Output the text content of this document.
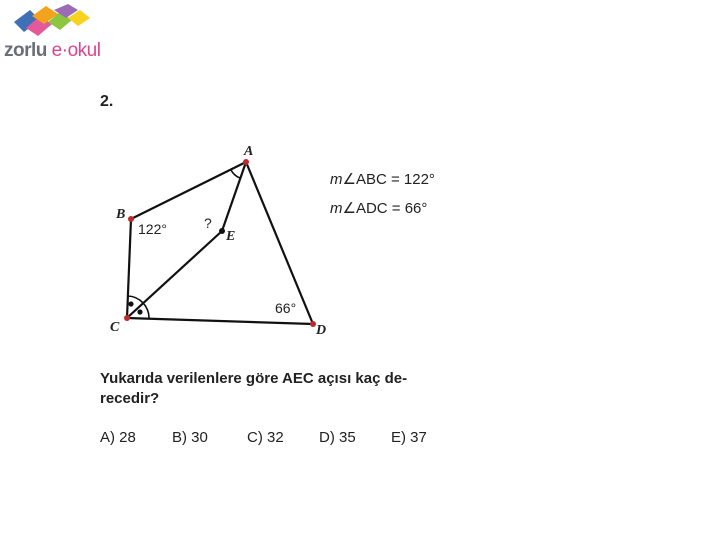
zorlu e·okul
2.
A
B
C	D
E
122°	?
66°
m∠ABC = 122°
m∠ADC = 66°
Yukarıda verilenlere göre AEC açısı kaç de- recedir?
A) 28 B) 30	C) 32 D) 35 E) 37
